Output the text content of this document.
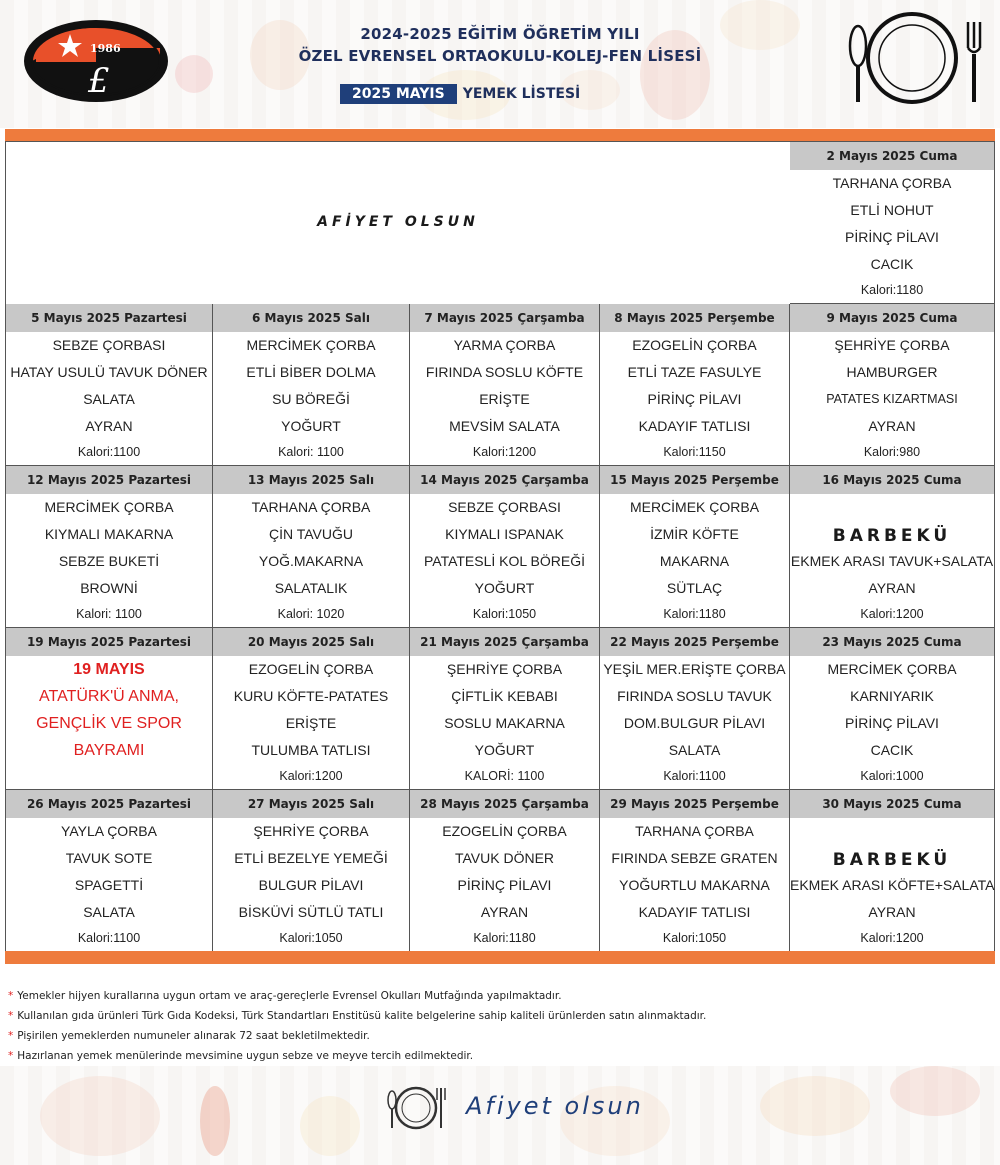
1986
£
2024-2025 EĞİTİM ÖĞRETİM YILI
ÖZEL EVRENSEL ORTAOKULU-KOLEJ-FEN LİSESİ
2025 MAYIS	YEMEK LİSTESİ
AFİYET OLSUN
2 Mayıs 2025 Cuma
TARHANA ÇORBA
ETLİ NOHUT
PİRİNÇ PİLAVI
CACIK
Kalori:1180
5 Mayıs 2025 Pazartesi
SEBZE ÇORBASI
HATAY USULÜ TAVUK DÖNER
SALATA
AYRAN
Kalori:1100
6 Mayıs 2025 Salı
MERCİMEK ÇORBA
ETLİ BİBER DOLMA
SU BÖREĞİ
YOĞURT
Kalori: 1100
7 Mayıs 2025 Çarşamba
YARMA ÇORBA
FIRINDA SOSLU KÖFTE
ERİŞTE
MEVSİM SALATA
Kalori:1200
8 Mayıs 2025 Perşembe
EZOGELİN ÇORBA
ETLİ TAZE FASULYE
PİRİNÇ PİLAVI
KADAYIF TATLISI
Kalori:1150
9 Mayıs 2025 Cuma
ŞEHRİYE ÇORBA
HAMBURGER
PATATES KIZARTMASI
AYRAN
Kalori:980
12 Mayıs 2025 Pazartesi
MERCİMEK ÇORBA
KIYMALI MAKARNA
SEBZE BUKETİ
BROWNİ
Kalori: 1100
13 Mayıs 2025 Salı
TARHANA ÇORBA
ÇİN TAVUĞU
YOĞ.MAKARNA
SALATALIK
Kalori: 1020
14 Mayıs 2025 Çarşamba
SEBZE ÇORBASI
KIYMALI ISPANAK
PATATESLİ KOL BÖREĞİ
YOĞURT
Kalori:1050
15 Mayıs 2025 Perşembe
MERCİMEK ÇORBA
İZMİR KÖFTE
MAKARNA
SÜTLAÇ
Kalori:1180
16 Mayıs 2025 Cuma
BARBEKÜ
EKMEK ARASI TAVUK+SALATA
AYRAN
Kalori:1200
19 Mayıs 2025 Pazartesi
19 MAYIS
ATATÜRK'Ü ANMA,
GENÇLİK VE SPOR
BAYRAMI
20 Mayıs 2025 Salı
EZOGELİN ÇORBA
KURU KÖFTE-PATATES
ERİŞTE
TULUMBA TATLISI
Kalori:1200
21 Mayıs 2025 Çarşamba
ŞEHRİYE ÇORBA
ÇİFTLİK KEBABI
SOSLU MAKARNA
YOĞURT
KALORİ: 1100
22 Mayıs 2025 Perşembe
YEŞİL MER.ERİŞTE ÇORBA
FIRINDA SOSLU TAVUK
DOM.BULGUR PİLAVI
SALATA
Kalori:1100
23 Mayıs 2025 Cuma
MERCİMEK ÇORBA
KARNIYARIK
PİRİNÇ PİLAVI
CACIK
Kalori:1000
26 Mayıs 2025 Pazartesi
YAYLA ÇORBA
TAVUK SOTE
SPAGETTİ
SALATA
Kalori:1100
27 Mayıs 2025 Salı
ŞEHRİYE ÇORBA
ETLİ BEZELYE YEMEĞİ
BULGUR PİLAVI
BİSKÜVİ SÜTLÜ TATLI
Kalori:1050
28 Mayıs 2025 Çarşamba
EZOGELİN ÇORBA
TAVUK DÖNER
PİRİNÇ PİLAVI
AYRAN
Kalori:1180
29 Mayıs 2025 Perşembe
TARHANA ÇORBA
FIRINDA SEBZE GRATEN
YOĞURTLU MAKARNA
KADAYIF TATLISI
Kalori:1050
30 Mayıs 2025 Cuma
BARBEKÜ
EKMEK ARASI KÖFTE+SALATA
AYRAN
Kalori:1200
* Yemekler hijyen kurallarına uygun ortam ve araç-gereçlerle Evrensel Okulları Mutfağında yapılmaktadır.
* Kullanılan gıda ürünleri Türk Gıda Kodeksi, Türk Standartları Enstitüsü kalite belgelerine sahip kaliteli ürünlerden satın alınmaktadır.
* Pişirilen yemeklerden numuneler alınarak 72 saat bekletilmektedir.
* Hazırlanan yemek menülerinde mevsimine uygun sebze ve meyve tercih edilmektedir.
Afiyet olsun
